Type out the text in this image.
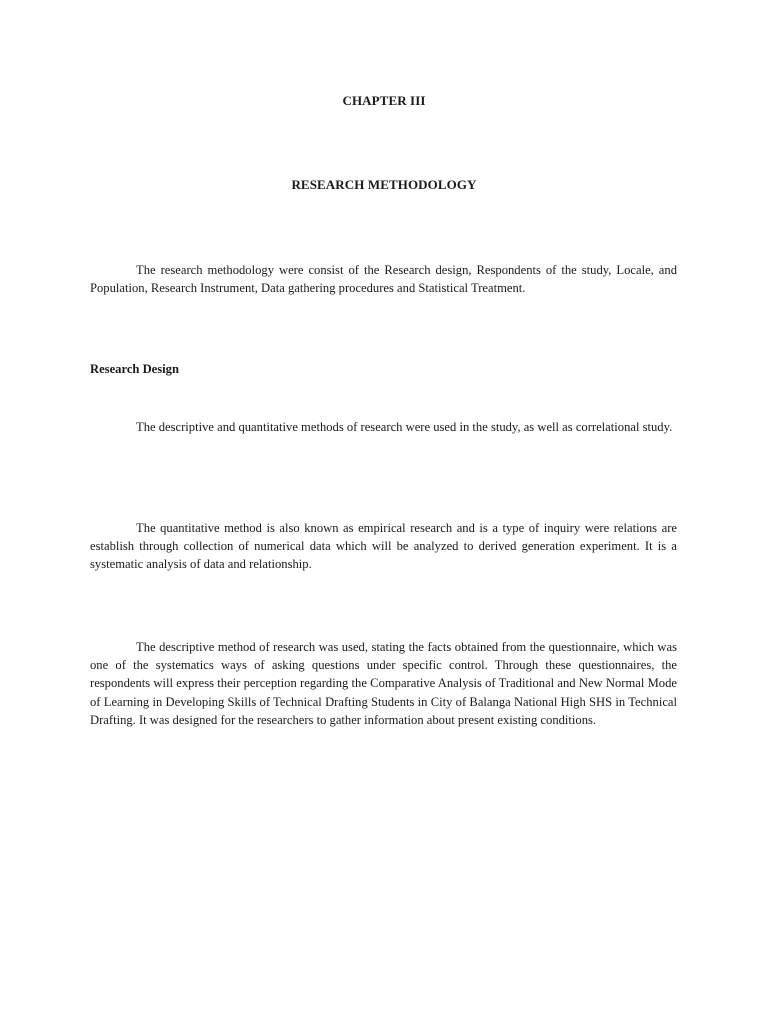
CHAPTER III
RESEARCH METHODOLOGY

The research methodology were consist of the Research design, Respondents of the study, Locale, and Population, Research Instrument, Data gathering procedures and Statistical Treatment.

Research Design

The descriptive and quantitative methods of research were used in the study, as well as correlational study.

The quantitative method is also known as empirical research and is a type of inquiry were relations are establish through collection of numerical data which will be analyzed to derived generation experiment. It is a systematic analysis of data and relationship.

The descriptive method of research was used, stating the facts obtained from the questionnaire, which was one of the systematics ways of asking questions under specific control. Through these questionnaires, the respondents will express their perception regarding the Comparative Analysis of Traditional and New Normal Mode of Learning in Developing Skills of Technical Drafting Students in City of Balanga National High SHS in Technical Drafting. It was designed for the researchers to gather information about present existing conditions.
